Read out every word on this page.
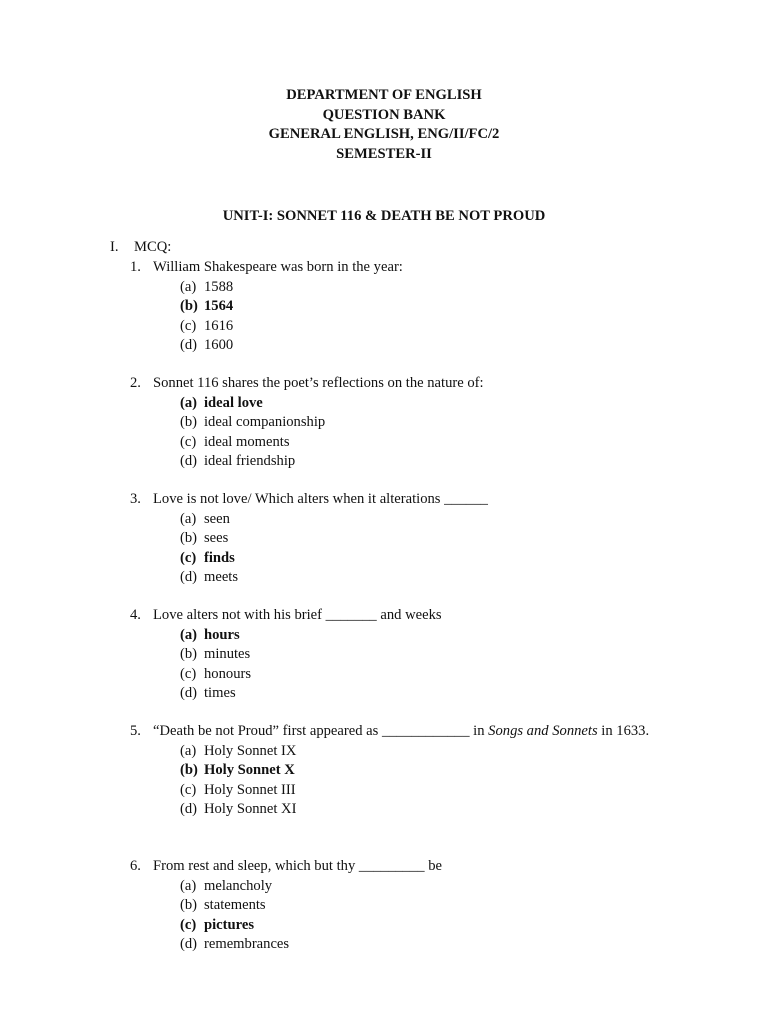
DEPARTMENT OF ENGLISH
QUESTION BANK
GENERAL ENGLISH, ENG/II/FC/2
SEMESTER-II
UNIT-I: SONNET 116 & DEATH BE NOT PROUD
I. MCQ:
1. William Shakespeare was born in the year:
(a) 1588
(b) 1564
(c) 1616
(d) 1600
2. Sonnet 116 shares the poet’s reflections on the nature of:
(a) ideal love
(b) ideal companionship
(c) ideal moments
(d) ideal friendship
3. Love is not love/ Which alters when it alterations ______
(a) seen
(b) sees
(c) finds
(d) meets
4. Love alters not with his brief _______ and weeks
(a) hours
(b) minutes
(c) honours
(d) times
5. “Death be not Proud” first appeared as ____________ in Songs and Sonnets in 1633.
(a) Holy Sonnet IX
(b) Holy Sonnet X
(c) Holy Sonnet III
(d) Holy Sonnet XI
6. From rest and sleep, which but thy _________ be
(a) melancholy
(b) statements
(c) pictures
(d) remembrances
